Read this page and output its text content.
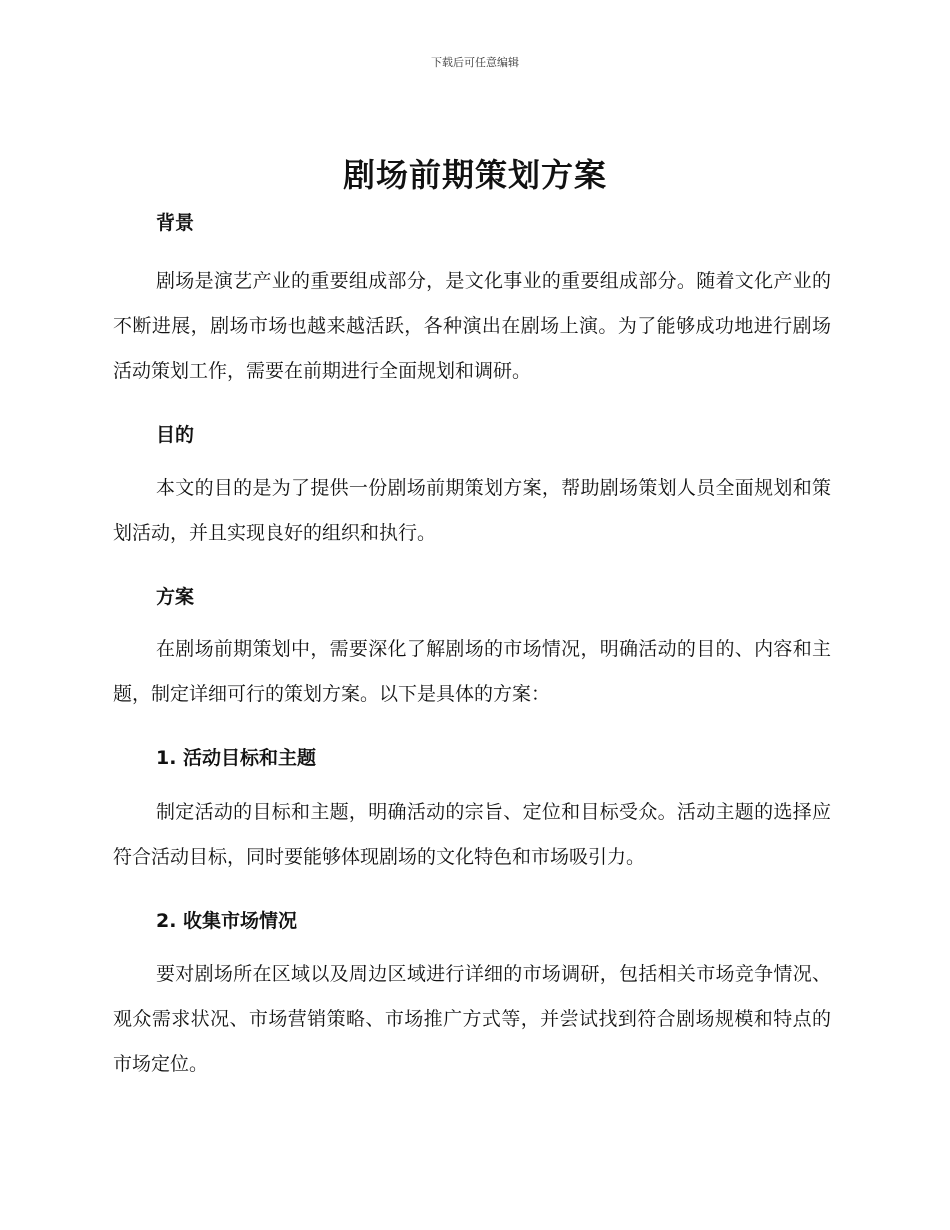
下载后可任意编辑
剧场前期策划方案
背景

剧场是演艺产业的重要组成部分，是文化事业的重要组成部分。随着文化产业的不断进展，剧场市场也越来越活跃，各种演出在剧场上演。为了能够成功地进行剧场活动策划工作，需要在前期进行全面规划和调研。

目的

本文的目的是为了提供一份剧场前期策划方案，帮助剧场策划人员全面规划和策划活动，并且实现良好的组织和执行。

方案

在剧场前期策划中，需要深化了解剧场的市场情况，明确活动的目的、内容和主题，制定详细可行的策划方案。以下是具体的方案：

1. 活动目标和主题

制定活动的目标和主题，明确活动的宗旨、定位和目标受众。活动主题的选择应符合活动目标，同时要能够体现剧场的文化特色和市场吸引力。

2. 收集市场情况

要对剧场所在区域以及周边区域进行详细的市场调研，包括相关市场竞争情况、观众需求状况、市场营销策略、市场推广方式等，并尝试找到符合剧场规模和特点的市场定位。
